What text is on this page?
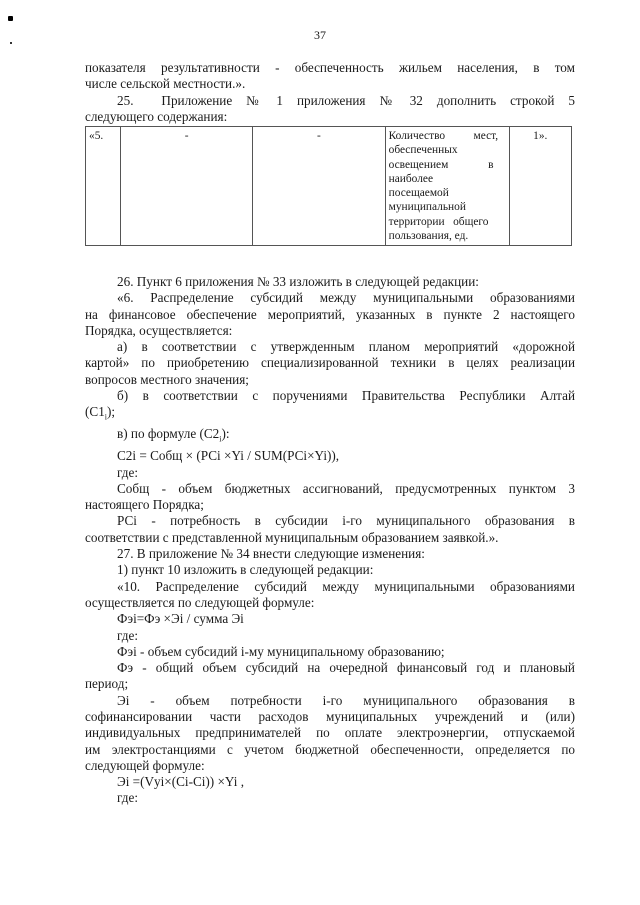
37

показателя результативности - обеспеченность жильем населения, в том

числе сельской местности.».

25.    Приложение  №  1  приложения  №  32  дополнить  строкой  5

следующего содержания:

«5.	-	-	Количество          мест,
обеспеченных
освещением              в
наиболее
посещаемой
муниципальной
территории   общего
пользования, ед.
	1».

26. Пункт 6 приложения № 33 изложить в следующей редакции:

«6. Распределение субсидий между муниципальными образованиями

на финансовое обеспечение мероприятий, указанных в пункте 2 настоящего

Порядка, осуществляется:

а) в соответствии с утвержденным планом мероприятий «дорожной

картой» по приобретению специализированной техники в целях реализации

вопросов местного значения;

б) в соответствии с поручениями Правительства Республики Алтай

$(С1_i)$;

в) по формуле $(С2_i)$:

С2i = Собщ × (РСi ×Yi / SUM(РСi×Yi)),

где:

Собщ - объем бюджетных ассигнований, предусмотренных пунктом 3

настоящего Порядка;

РСi - потребность в субсидии i-го муниципального образования в

соответствии с представленной муниципальным образованием заявкой.».

27. В приложение № 34 внести следующие изменения:

1) пункт 10 изложить в следующей редакции:

«10. Распределение субсидий между муниципальными образованиями

осуществляется по следующей формуле:

Фэi=Фэ ×Эi / сумма Эi

где:

Фэi - объем субсидий i-му муниципальному образованию;

Фэ - общий объем субсидий на очередной финансовый год и плановый

период;

Эi   -   объем   потребности   i-го   муниципального   образования   в

софинансировании части расходов муниципальных учреждений и (или)

индивидуальных предпринимателей по оплате электроэнергии, отпускаемой

им электростанциями с учетом бюджетной обеспеченности, определяется по

следующей формуле:

Эi =(Vуi×(Сi-Сi)) ×Yi ,

где:
